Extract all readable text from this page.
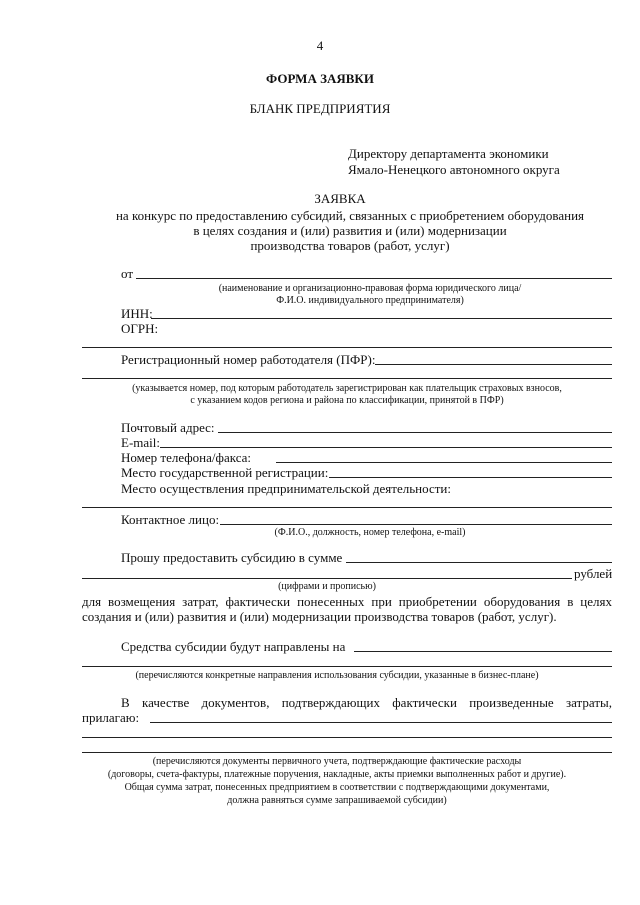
4
ФОРМА ЗАЯВКИ
БЛАНК ПРЕДПРИЯТИЯ
Директору департамента экономики
Ямало-Ненецкого автономного округа
ЗАЯВКА
на конкурс по предоставлению субсидий, связанных с приобретением оборудования
в целях создания и (или) развития и (или) модернизации
производства товаров (работ, услуг)
от
(наименование и организационно-правовая форма юридического лица/
Ф.И.О. индивидуального предпринимателя)
ИНН:
ОГРН:
Регистрационный номер работодателя (ПФР):
(указывается номер, под которым работодатель зарегистрирован как плательщик страховых взносов,
с указанием кодов региона и района по классификации, принятой в ПФР)
Почтовый адрес:
E-mail:
Номер телефона/факса:
Место государственной регистрации:
Место осуществления предпринимательской деятельности:
Контактное лицо:
(Ф.И.О., должность, номер телефона, e-mail)
Прошу предоставить субсидию в сумме
рублей
(цифрами и прописью)
для возмещения затрат, фактически понесенных при приобретении оборудования в целях
создания и (или) развития и (или) модернизации производства товаров (работ, услуг).
Средства субсидии будут направлены на
(перечисляются конкретные направления использования субсидии, указанные в бизнес-плане)
В качестве документов, подтверждающих фактически произведенные затраты,
прилагаю:
(перечисляются документы первичного учета, подтверждающие фактические расходы
(договоры, счета-фактуры, платежные поручения, накладные, акты приемки выполненных работ и другие).
Общая сумма затрат, понесенных предприятием в соответствии с подтверждающими документами,
должна равняться сумме запрашиваемой субсидии)
